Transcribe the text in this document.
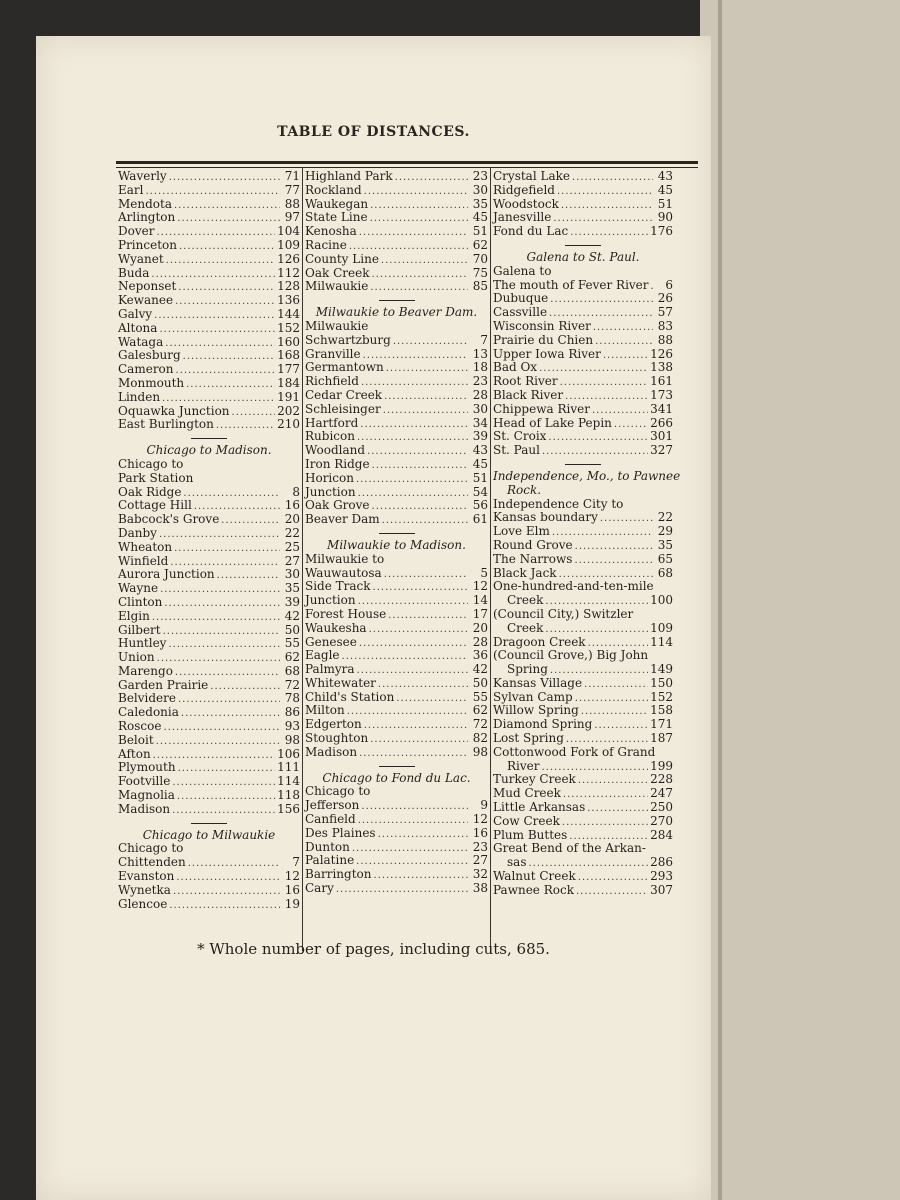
TABLE OF DISTANCES.
Waverly .....	71
Earl .....	77
Mendota .....	88
Arlington .....	97
Dover .....	104
Princeton .....	109
Wyanet .....	126
Buda .....	112
Neponset .....	128
Kewanee .....	136
Galvy .....	144
Altona .....	152
Wataga .....	160
Galesburg .....	168
Cameron .....	177
Monmouth .....	184
Linden .....	191
Oquawka Junction .....	202
East Burlington .....	210
Chicago to Madison.
Chicago to
Park Station
Oak Ridge .....	8
Cottage Hill .....	16
Babcock's Grove .....	20
Danby .....	22
Wheaton .....	25
Winfield .....	27
Aurora Junction .....	30
Wayne .....	35
Clinton .....	39
Elgin .....	42
Gilbert .....	50
Huntley .....	55
Union .....	62
Marengo .....	68
Garden Prairie .....	72
Belvidere .....	78
Caledonia .....	86
Roscoe .....	93
Beloit .....	98
Afton .....	106
Plymouth .....	111
Footville .....	114
Magnolia .....	118
Madison .....	156
Chicago to Milwaukie
Chicago to
Chittenden .....	7
Evanston .....	12
Wynetka .....	16
Glencoe .....	19
Highland Park .....	23
Rockland .....	30
Waukegan .....	35
State Line .....	45
Kenosha .....	51
Racine .....	62
County Line .....	70
Oak Creek .....	75
Milwaukie .....	85
Milwaukie to Beaver Dam.
Milwaukie
Schwartzburg .....	7
Granville .....	13
Germantown .....	18
Richfield .....	23
Cedar Creek .....	28
Schleisinger .....	30
Hartford .....	34
Rubicon .....	39
Woodland .....	43
Iron Ridge .....	45
Horicon .....	51
Junction .....	54
Oak Grove .....	56
Beaver Dam .....	61
Milwaukie to Madison.
Milwaukie to
Wauwautosa .....	5
Side Track .....	12
Junction .....	14
Forest House .....	17
Waukesha .....	20
Genesee .....	28
Eagle .....	36
Palmyra .....	42
Whitewater .....	50
Child's Station .....	55
Milton .....	62
Edgerton .....	72
Stoughton .....	82
Madison .....	98
Chicago to Fond du Lac.
Chicago to
Jefferson .....	9
Canfield .....	12
Des Plaines .....	16
Dunton .....	23
Palatine .....	27
Barrington .....	32
Cary .....	38
Crystal Lake .....	43
Ridgefield .....	45
Woodstock .....	51
Janesville .....	90
Fond du Lac .....	176
Galena to St. Paul.
Galena to
The mouth of Fever River .....	6
Dubuque .....	26
Cassville .....	57
Wisconsin River .....	83
Prairie du Chien .....	88
Upper Iowa River .....	126
Bad Ox .....	138
Root River .....	161
Black River .....	173
Chippewa River .....	341
Head of Lake Pepin .....	266
St. Croix .....	301
St. Paul .....	327
Independence, Mo., to Pawnee
Rock.
Independence City to
Kansas boundary .....	22
Love Elm .....	29
Round Grove .....	35
The Narrows .....	65
Black Jack .....	68
One-hundred-and-ten-mile
Creek .....	100
(Council City,) Switzler
Creek .....	109
Dragoon Creek .....	114
(Council Grove,) Big John
Spring .....	149
Kansas Village .....	150
Sylvan Camp .....	152
Willow Spring .....	158
Diamond Spring .....	171
Lost Spring .....	187
Cottonwood Fork of Grand
River .....	199
Turkey Creek .....	228
Mud Creek .....	247
Little Arkansas .....	250
Cow Creek .....	270
Plum Buttes .....	284
Great Bend of the Arkan-
sas .....	286
Walnut Creek .....	293
Pawnee Rock .....	307
* Whole number of pages, including cuts, 685.
